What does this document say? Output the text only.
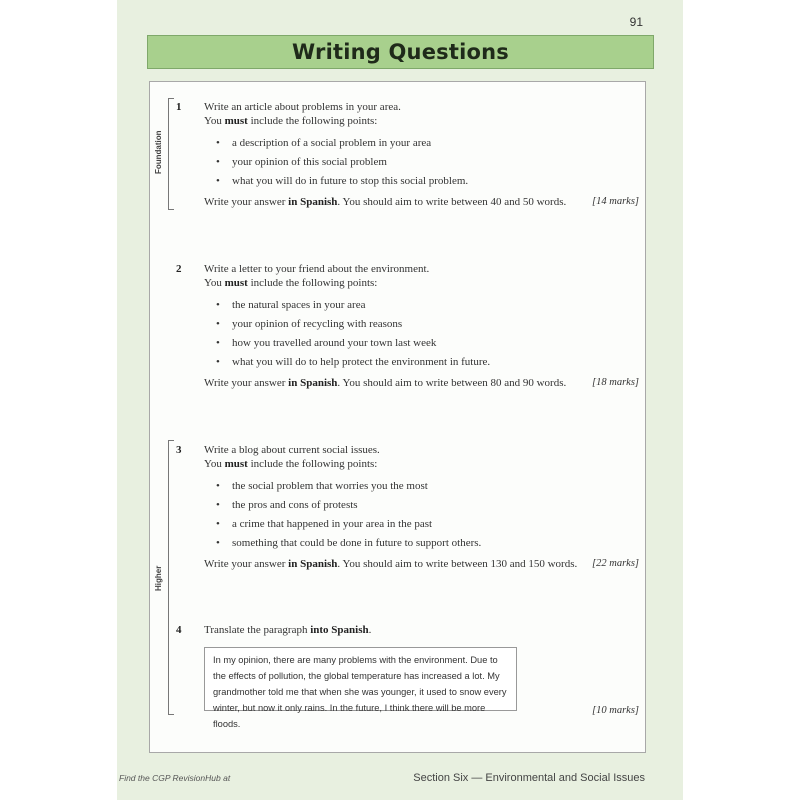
91
Writing Questions
Foundation
Higher
1 Write an article about problems in your area.
You must include the following points:
• a description of a social problem in your area
• your opinion of this social problem
• what you will do in future to stop this social problem.
Write your answer in Spanish. You should aim to write between 40 and 50 words. [14 marks]
2 Write a letter to your friend about the environment.
You must include the following points:
• the natural spaces in your area
• your opinion of recycling with reasons
• how you travelled around your town last week
• what you will do to help protect the environment in future.
Write your answer in Spanish. You should aim to write between 80 and 90 words. [18 marks]
3 Write a blog about current social issues.
You must include the following points:
• the social problem that worries you the most
• the pros and cons of protests
• a crime that happened in your area in the past
• something that could be done in future to support others.
Write your answer in Spanish. You should aim to write between 130 and 150 words. [22 marks]
4 Translate the paragraph into Spanish.
In my opinion, there are many problems with the environment. Due to
the effects of pollution, the global temperature has increased a lot. My
grandmother told me that when she was younger, it used to snow every
winter, but now it only rains. In the future, I think there will be more floods.
[10 marks]
Find the CGP RevisionHub at	Section Six — Environmental and Social Issues
